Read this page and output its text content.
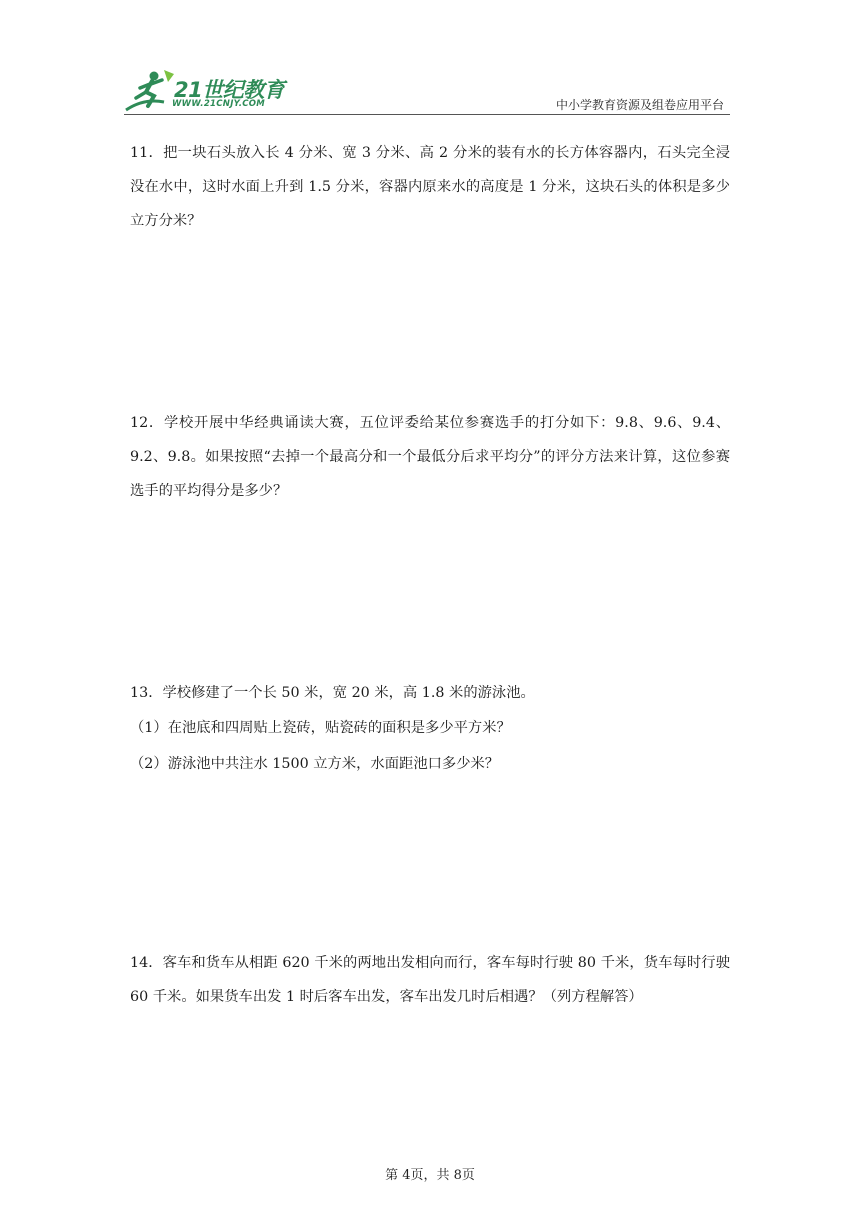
21世纪教育
WWW.21CNJY.COM	中小学教育资源及组卷应用平台

11．把一块石头放入长 4 分米、宽 3 分米、高 2 分米的装有水的长方体容器内，石头完全浸没在水中，这时水面上升到 1.5 分米，容器内原来水的高度是 1 分米，这块石头的体积是多少立方分米？

12．学校开展中华经典诵读大赛，五位评委给某位参赛选手的打分如下：9.8、9.6、9.4、9.2、9.8。如果按照“去掉一个最高分和一个最低分后求平均分”的评分方法来计算，这位参赛选手的平均得分是多少？

13．学校修建了一个长 50 米，宽 20 米，高 1.8 米的游泳池。

（1）在池底和四周贴上瓷砖，贴瓷砖的面积是多少平方米？

（2）游泳池中共注水 1500 立方米，水面距池口多少米？

14．客车和货车从相距 620 千米的两地出发相向而行，客车每时行驶 80 千米，货车每时行驶 60 千米。如果货车出发 1 时后客车出发，客车出发几时后相遇？（列方程解答）

第 4页，共 8页
